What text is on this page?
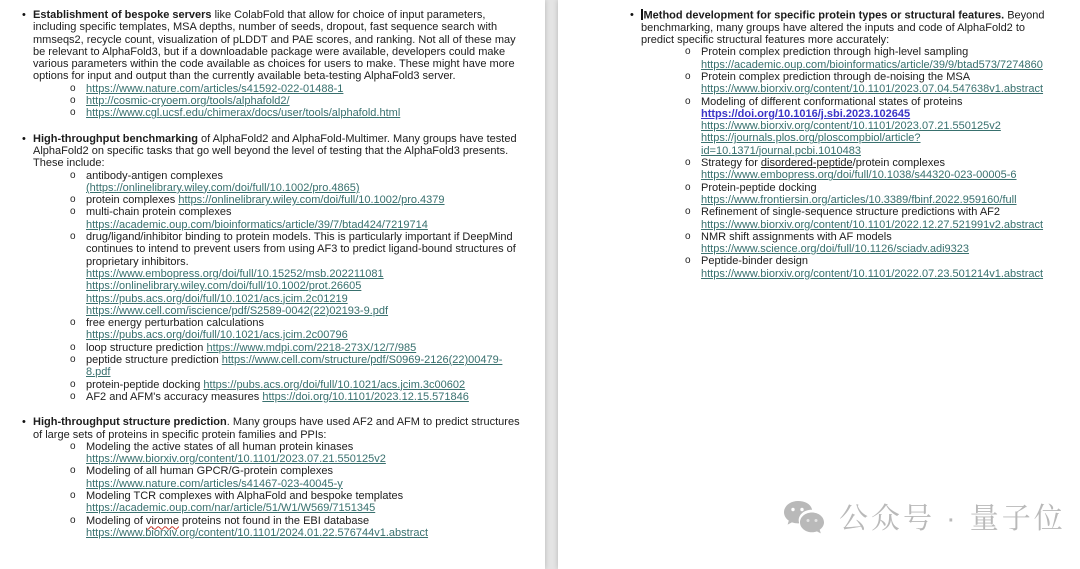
• Establishment of bespoke servers like ColabFold that allow for choice of input parameters, including specific templates, MSA depths, number of seeds, dropout, fast sequence search with mmseqs2, recycle count, visualization of pLDDT and PAE scores, and ranking. Not all of these may be relevant to AlphaFold3, but if a downloadable package were available, developers could make various parameters within the code available as choices for users to make. These might have more options for input and output than the currently available beta-testing AlphaFold3 server.
o https://www.nature.com/articles/s41592-022-01488-1
o http://cosmic-cryoem.org/tools/alphafold2/
o https://www.cgl.ucsf.edu/chimerax/docs/user/tools/alphafold.html
• High-throughput benchmarking of AlphaFold2 and AlphaFold-Multimer. Many groups have tested AlphaFold2 on specific tasks that go well beyond the level of testing that the AlphaFold3 presents. These include:
o antibody-antigen complexes
(https://onlinelibrary.wiley.com/doi/full/10.1002/pro.4865)
o protein complexes https://onlinelibrary.wiley.com/doi/full/10.1002/pro.4379
o multi-chain protein complexes
https://academic.oup.com/bioinformatics/article/39/7/btad424/7219714
o drug/ligand/inhibitor binding to protein models. This is particularly important if DeepMind continues to intend to prevent users from using AF3 to predict ligand-bound structures of proprietary inhibitors.
https://www.embopress.org/doi/full/10.15252/msb.202211081
https://onlinelibrary.wiley.com/doi/full/10.1002/prot.26605
https://pubs.acs.org/doi/full/10.1021/acs.jcim.2c01219
https://www.cell.com/iscience/pdf/S2589-0042(22)02193-9.pdf
o free energy perturbation calculations
https://pubs.acs.org/doi/full/10.1021/acs.jcim.2c00796
o loop structure prediction https://www.mdpi.com/2218-273X/12/7/985
o peptide structure prediction https://www.cell.com/structure/pdf/S0969-2126(22)00479-8.pdf
o protein-peptide docking https://pubs.acs.org/doi/full/10.1021/acs.jcim.3c00602
o AF2 and AFM's accuracy measures https://doi.org/10.1101/2023.12.15.571846
• High-throughput structure prediction. Many groups have used AF2 and AFM to predict structures of large sets of proteins in specific protein families and PPIs:
o Modeling the active states of all human protein kinases
https://www.biorxiv.org/content/10.1101/2023.07.21.550125v2
o Modeling of all human GPCR/G-protein complexes
https://www.nature.com/articles/s41467-023-40045-y
o Modeling TCR complexes with AlphaFold and bespoke templates
https://academic.oup.com/nar/article/51/W1/W569/7151345
o Modeling of virome proteins not found in the EBI database
https://www.biorxiv.org/content/10.1101/2024.01.22.576744v1.abstract
• Method development for specific protein types or structural features. Beyond benchmarking, many groups have altered the inputs and code of AlphaFold2 to predict specific structural features more accurately:
o Protein complex prediction through high-level sampling
https://academic.oup.com/bioinformatics/article/39/9/btad573/7274860
o Protein complex prediction through de-noising the MSA
https://www.biorxiv.org/content/10.1101/2023.07.04.547638v1.abstract
o Modeling of different conformational states of proteins
https://doi.org/10.1016/j.sbi.2023.102645
https://www.biorxiv.org/content/10.1101/2023.07.21.550125v2
https://journals.plos.org/ploscompbiol/article?id=10.1371/journal.pcbi.1010483
o Strategy for disordered-peptide/protein complexes
https://www.embopress.org/doi/full/10.1038/s44320-023-00005-6
o Protein-peptide docking
https://www.frontiersin.org/articles/10.3389/fbinf.2022.959160/full
o Refinement of single-sequence structure predictions with AF2
https://www.biorxiv.org/content/10.1101/2022.12.27.521991v2.abstract
o NMR shift assignments with AF models
https://www.science.org/doi/full/10.1126/sciadv.adi9323
o Peptide-binder design
https://www.biorxiv.org/content/10.1101/2022.07.23.501214v1.abstract
公众号 · 量子位
